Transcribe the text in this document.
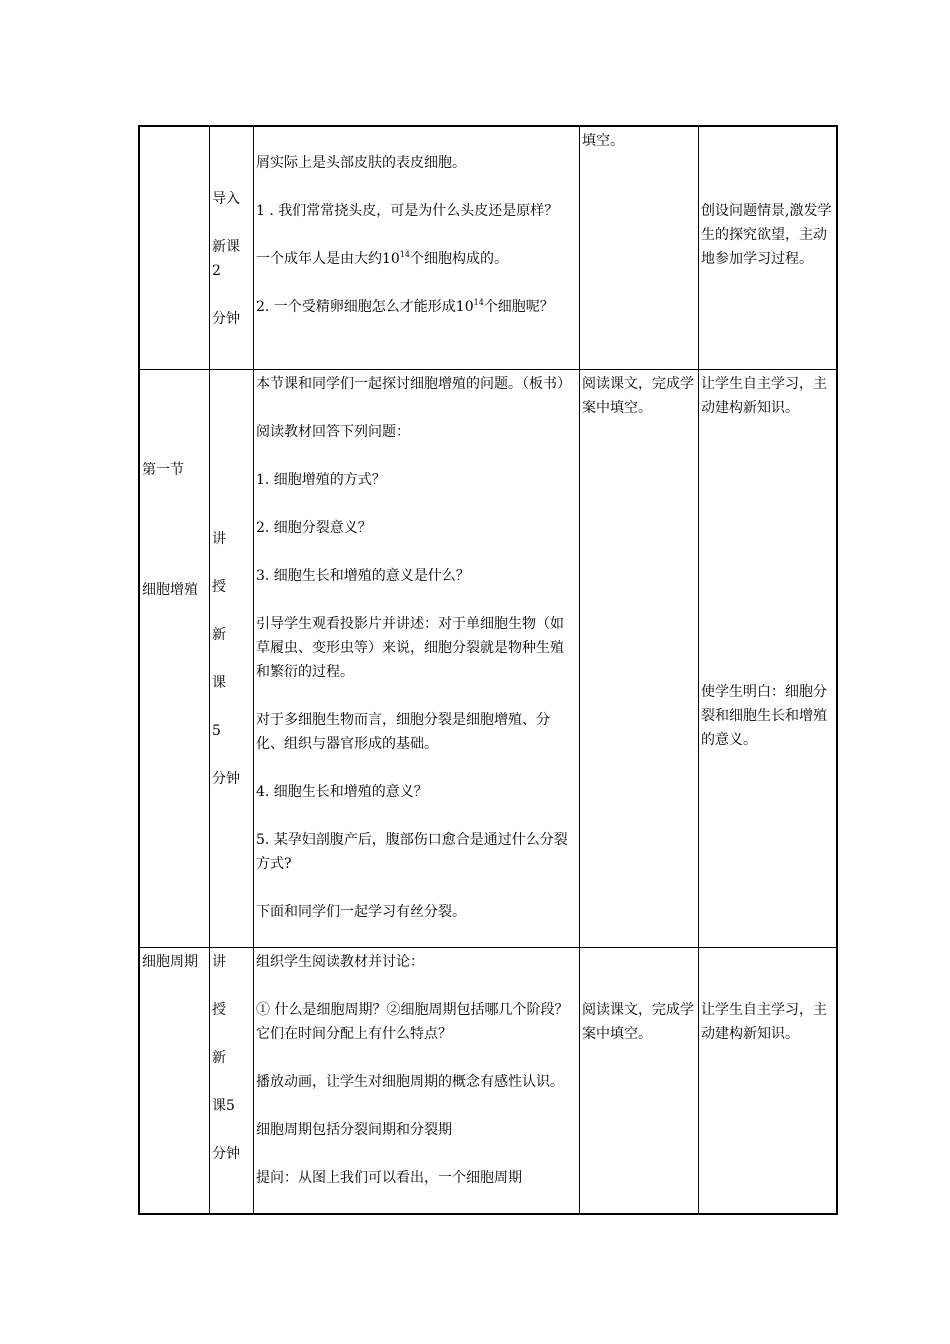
导入

新课

2

分钟

屑实际上是头部皮肤的表皮细胞。

1 . 我们常常挠头皮，可是为什么头皮还是原样？

一个成年人是由大约$10^{14}$个细胞构成的。

2. 一个受精卵细胞怎么才能形成$10^{14}$个细胞呢？

填空。

创设问题情景,激发学生的探究欲望，主动地参加学习过程。

第一节

细胞增殖

讲

授

新

课

5

分钟

本节课和同学们一起探讨细胞增殖的问题。（板书）

阅读教材回答下列问题：

1. 细胞增殖的方式？

2. 细胞分裂意义？

3. 细胞生长和增殖的意义是什么？

引导学生观看投影片并讲述：对于单细胞生物（如草履虫、变形虫等）来说，细胞分裂就是物种生殖和繁衍的过程。

对于多细胞生物而言，细胞分裂是细胞增殖、分化、组织与器官形成的基础。

4. 细胞生长和增殖的意义？

5. 某孕妇剖腹产后，腹部伤口愈合是通过什么分裂方式?

下面和同学们一起学习有丝分裂。

阅读课文，完成学案中填空。

让学生自主学习，主动建构新知识。

使学生明白：细胞分裂和细胞生长和增殖的意义。

细胞周期	讲

授

新

课5

分钟

组织学生阅读教材并讨论：

① 什么是细胞周期？②细胞周期包括哪几个阶段？它们在时间分配上有什么特点？

播放动画，让学生对细胞周期的概念有感性认识。

细胞周期包括分裂间期和分裂期

提问：从图上我们可以看出，一个细胞周期

阅读课文，完成学案中填空。

让学生自主学习，主动建构新知识。
